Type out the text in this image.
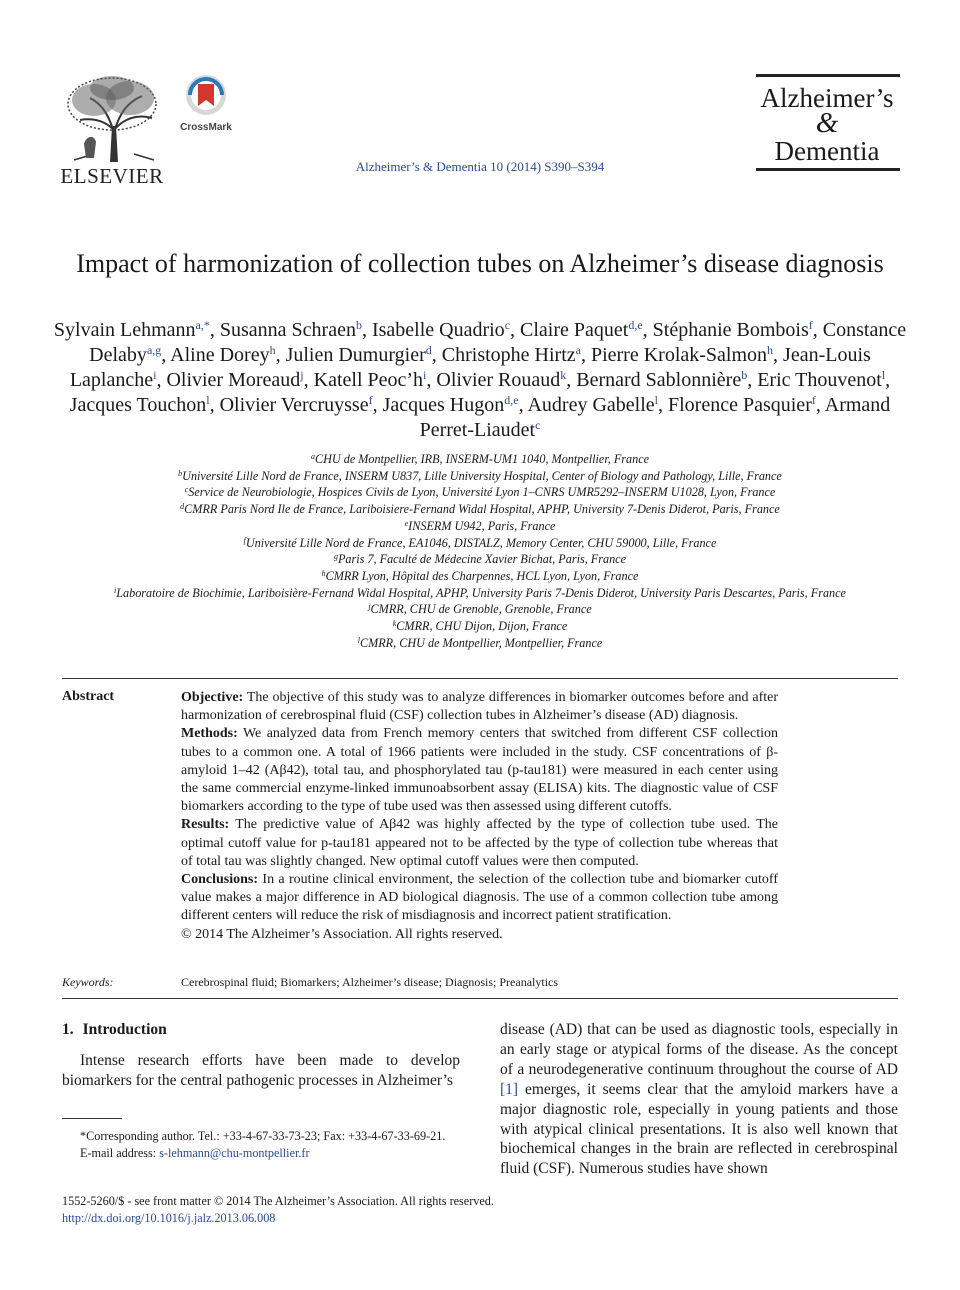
ELSEVIER
CrossMark
Alzheimer’s & Dementia 10 (2014) S390–S394
Alzheimer’s
&
Dementia
Impact of harmonization of collection tubes on Alzheimer’s disease diagnosis
Sylvain Lehmann$^{a,*}$, Susanna Schraen$^b$, Isabelle Quadrio$^c$, Claire Paquet$^{d,e}$, Stéphanie Bombois$^f$, Constance Delaby$^{a,g}$, Aline Dorey$^h$, Julien Dumurgier$^d$, Christophe Hirtz$^a$, Pierre Krolak-Salmon$^h$, Jean-Louis Laplanche$^i$, Olivier Moreaud$^j$, Katell $Peoc’h^i$, Olivier Rouaud$^k$, Bernard Sablonnière$^b$, Eric Thouvenot$^l$, Jacques Touchon$^l$, Olivier Vercruysse$^f$, Jacques Hugon$^{d,e}$, Audrey Gabelle$^l$, Florence Pasquier$^f$, Armand Perret-Liaudet$^c$
$^a$CHU de Montpellier, IRB, INSERM-UM1 1040, Montpellier, France
$^b$Université Lille Nord de France, INSERM U837, Lille University Hospital, Center of Biology and Pathology, Lille, France
$^c$Service de Neurobiologie, Hospices Civils de Lyon, Université Lyon 1–CNRS UMR5292–INSERM U1028, Lyon, France
$^d$CMRR Paris Nord Ile de France, Lariboisiere-Fernand Widal Hospital, APHP, University 7-Denis Diderot, Paris, France
$^e$INSERM U942, Paris, France
$^f$Université Lille Nord de France, EA1046, DISTALZ, Memory Center, CHU 59000, Lille, France
$^g$Paris 7, Faculté de Médecine Xavier Bichat, Paris, France
$^h$CMRR Lyon, Hôpital des Charpennes, HCL Lyon, Lyon, France
$^i$Laboratoire de Biochimie, Lariboisière-Fernand Widal Hospital, APHP, University Paris 7-Denis Diderot, University Paris Descartes, Paris, France
$^j$CMRR, CHU de Grenoble, Grenoble, France
$^k$CMRR, CHU Dijon, Dijon, France
$^l$CMRR, CHU de Montpellier, Montpellier, France
Abstract	Objective: The objective of this study was to analyze differences in biomarker outcomes before and after harmonization of cerebrospinal fluid (CSF) collection tubes in Alzheimer’s disease (AD) diagnosis.

Methods: We analyzed data from French memory centers that switched from different CSF collection tubes to a common one. A total of 1966 patients were included in the study. CSF concentrations of β-amyloid 1–42 (Aβ42), total tau, and phosphorylated tau (p-tau181) were measured in each center using the same commercial enzyme-linked immunoabsorbent assay (ELISA) kits. The diagnostic value of CSF biomarkers according to the type of tube used was then assessed using different cutoffs.

Results: The predictive value of Aβ42 was highly affected by the type of collection tube used. The optimal cutoff value for p-tau181 appeared not to be affected by the type of collection tube whereas that of total tau was slightly changed. New optimal cutoff values were then computed.

Conclusions: In a routine clinical environment, the selection of the collection tube and biomarker cutoff value makes a major difference in AD biological diagnosis. The use of a common collection tube among different centers will reduce the risk of misdiagnosis and incorrect patient stratification.

© 2014 The Alzheimer’s Association. All rights reserved.

Keywords:	Cerebrospinal fluid; Biomarkers; Alzheimer’s disease; Diagnosis; Preanalytics
1. Introduction
Intense research efforts have been made to develop biomarkers for the central pathogenic processes in Alzheimer’s
disease (AD) that can be used as diagnostic tools, especially in an early stage or atypical forms of the disease. As the concept of a neurodegenerative continuum throughout the course of AD [1] emerges, it seems clear that the amyloid markers have a major diagnostic role, especially in young patients and those with atypical clinical presentations. It is also well known that biochemical changes in the brain are reflected in cerebrospinal fluid (CSF). Numerous studies have shown

*Corresponding author. Tel.: +33-4-67-33-73-23; Fax: +33-4-67-33-69-21.

E-mail address: s-lehmann@chu-montpellier.fr

1552-5260/$ - see front matter © 2014 The Alzheimer’s Association. All rights reserved.
http://dx.doi.org/10.1016/j.jalz.2013.06.008
